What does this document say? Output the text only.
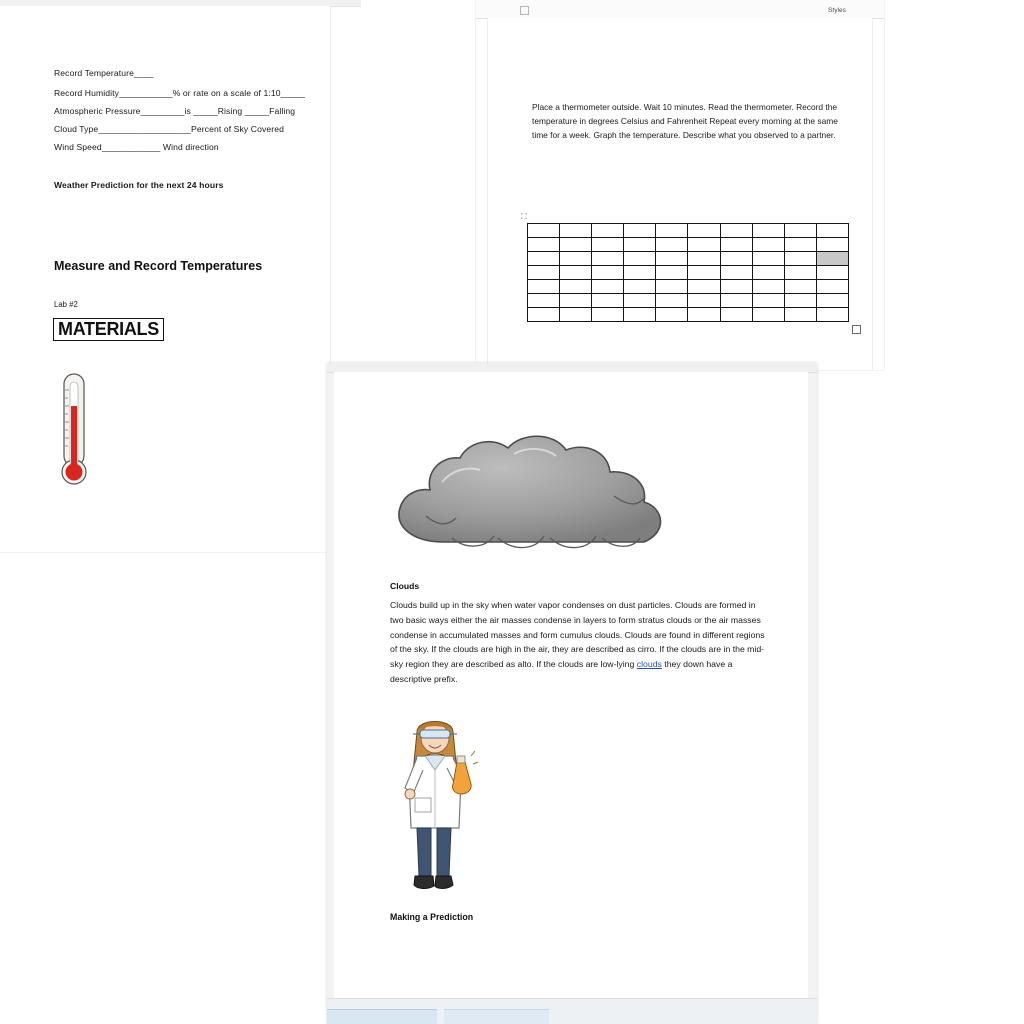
Record Temperature____
Record Humidity___________% or rate on a scale of 1:10_____
Atmospheric Pressure_________is _____Rising _____Falling
Cloud Type___________________Percent of Sky Covered
Wind Speed____________ Wind direction
Weather Prediction for the next 24 hours
Measure and Record Temperatures
Lab #2
MATERIALS
Styles
Place a thermometer outside. Wait 10 minutes. Read the thermometer. Record the temperature in degrees Celsius and Fahrenheit Repeat every morning at the same time for a week. Graph the temperature. Describe what you observed to a partner.
⛶

Clouds
Clouds build up in the sky when water vapor condenses on dust particles. Clouds are formed in two basic ways either the air masses condense in layers to form stratus clouds or the air masses condense in accumulated masses and form cumulus clouds. Clouds are found in different regions of the sky. If the clouds are high in the air, they are described as cirro. If the clouds are in the mid-sky region they are described as alto. If the clouds are low-lying clouds they down have a descriptive prefix.
Making a Prediction
